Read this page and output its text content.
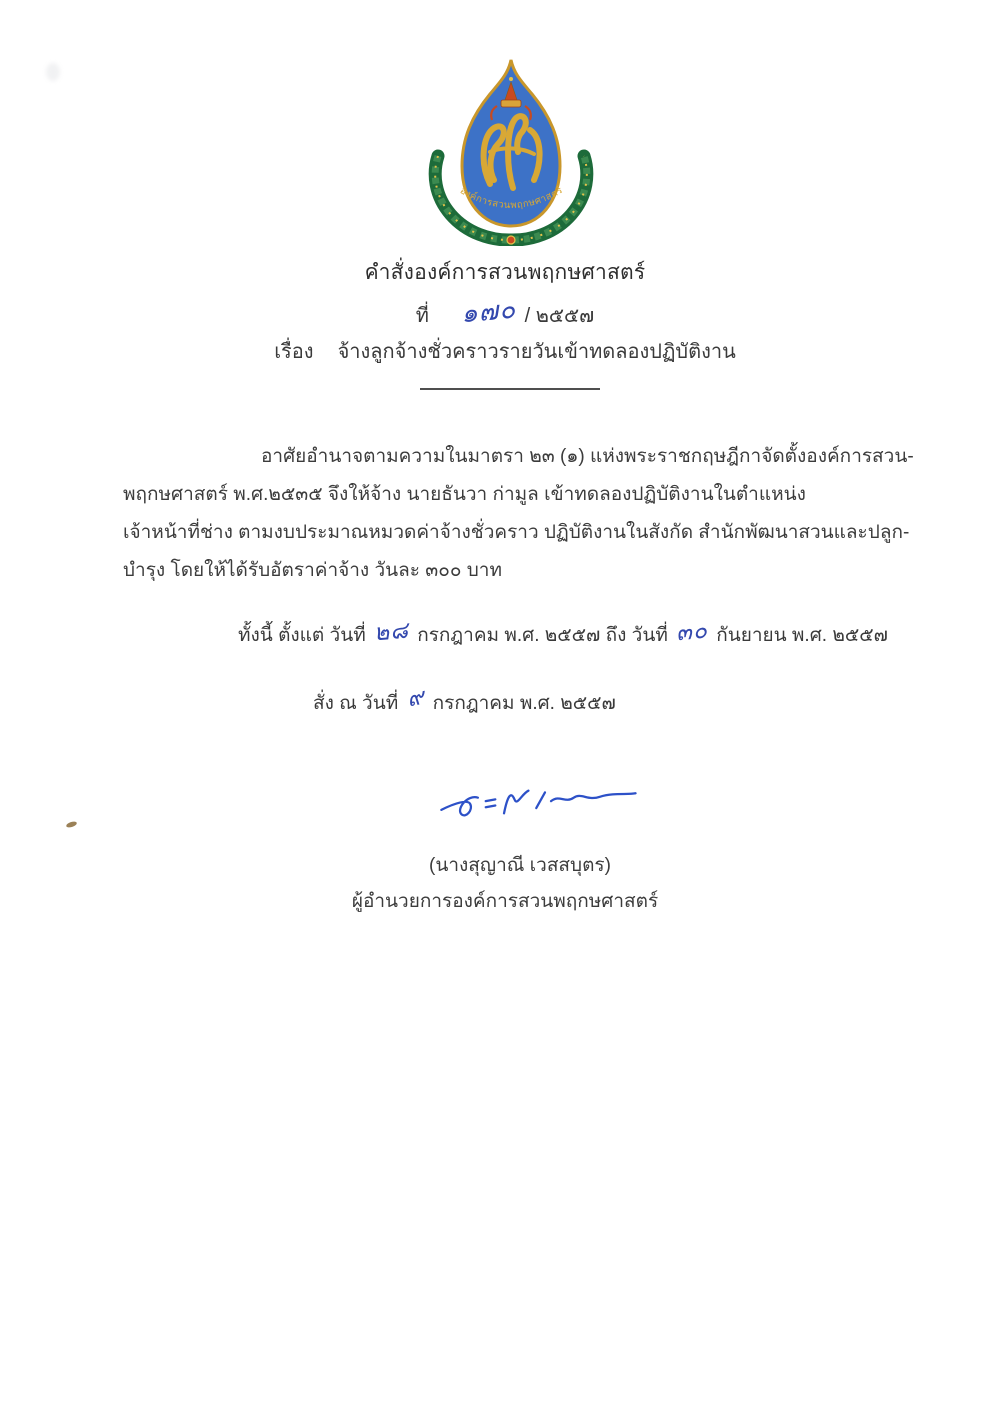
องค์การสวนพฤกษศาสตร์
คำสั่งองค์การสวนพฤกษศาสตร์
ที่ ๑๗๐ / ๒๕๕๗
เรื่อง จ้างลูกจ้างชั่วคราวรายวันเข้าทดลองปฏิบัติงาน
อาศัยอำนาจตามความในมาตรา ๒๓ (๑) แห่งพระราชกฤษฎีกาจัดตั้งองค์การสวน-
พฤกษศาสตร์ พ.ศ.๒๕๓๕ จึงให้จ้าง นายธันวา ก่ามูล เข้าทดลองปฏิบัติงานในตำแหน่ง
เจ้าหน้าที่ช่าง ตามงบประมาณหมวดค่าจ้างชั่วคราว ปฏิบัติงานในสังกัด สำนักพัฒนาสวนและปลูก-
บำรุง โดยให้ได้รับอัตราค่าจ้าง วันละ ๓๐๐ บาท
ทั้งนี้ ตั้งแต่ วันที่ ๒๘ กรกฎาคม พ.ศ. ๒๕๕๗ ถึง วันที่ ๓๐ กันยายน พ.ศ. ๒๕๕๗
สั่ง ณ วันที่ ๙ กรกฎาคม พ.ศ. ๒๕๕๗
(นางสุญาณี เวสสบุตร)
ผู้อำนวยการองค์การสวนพฤกษศาสตร์
